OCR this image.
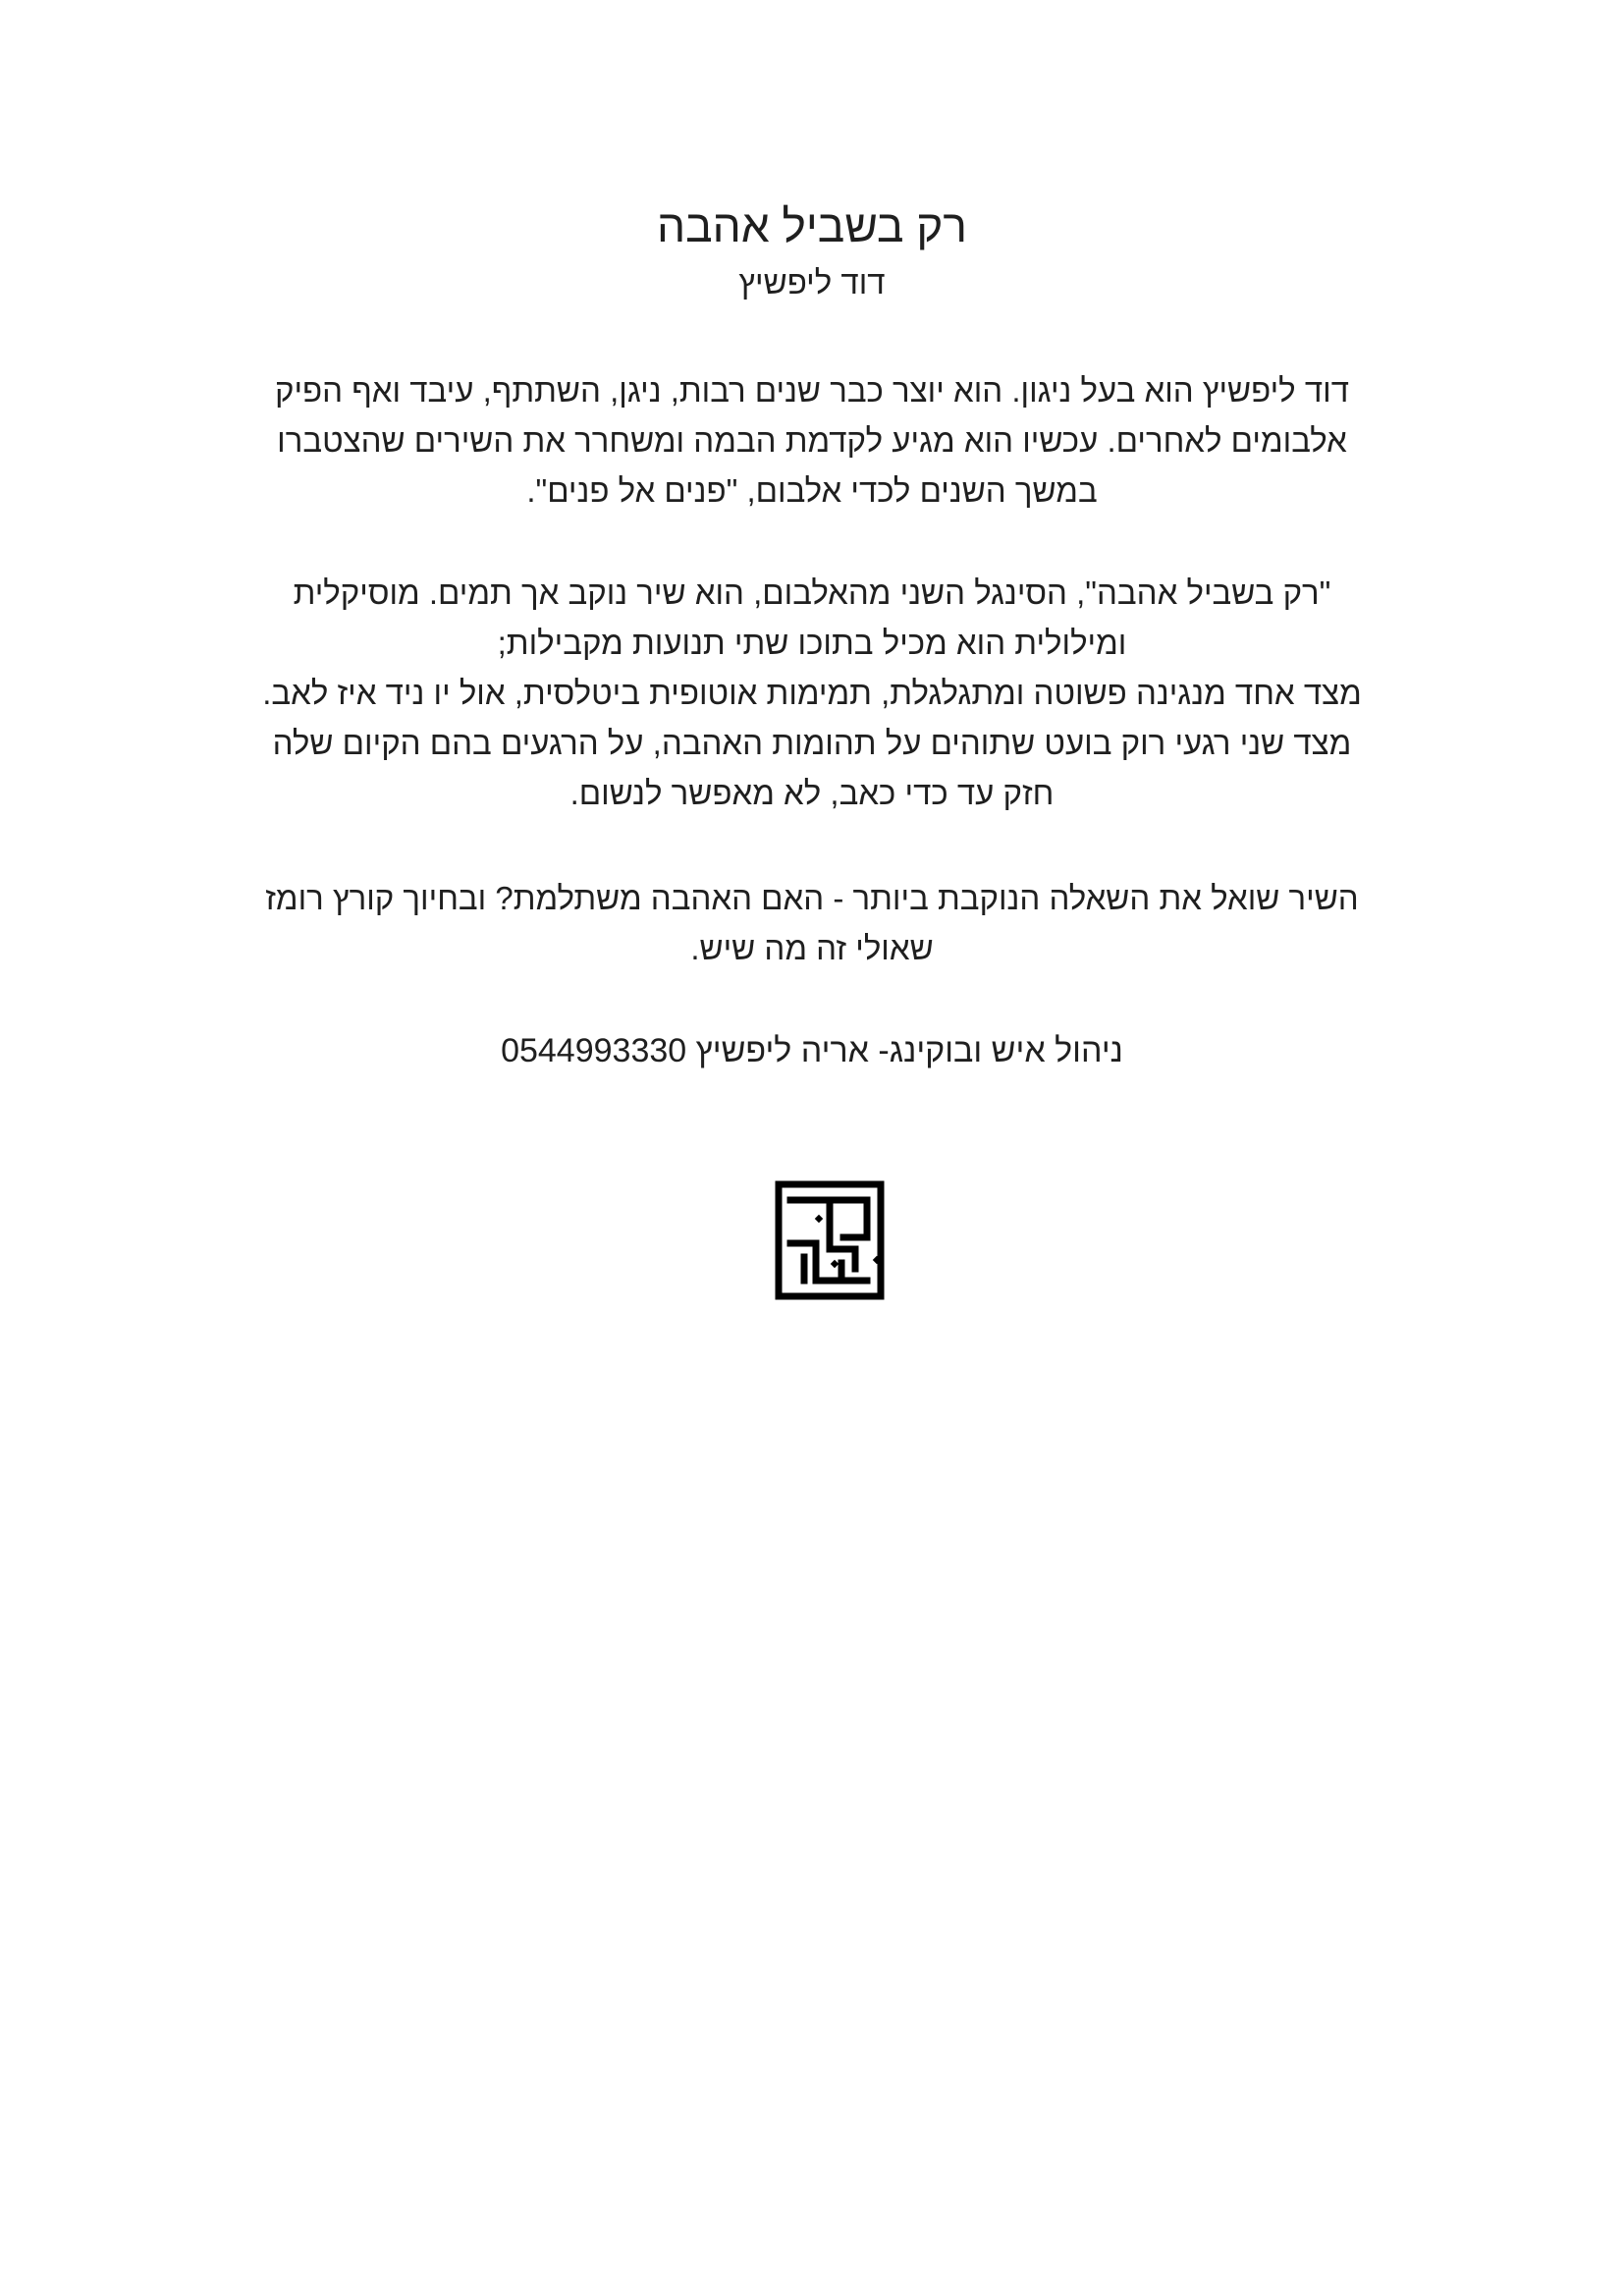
רק בשביל אהבה

דוד ליפשיץ

דוד ליפשיץ הוא בעל ניגון. הוא יוצר כבר שנים רבות, ניגן, השתתף, עיבד ואף הפיק
אלבומים לאחרים. עכשיו הוא מגיע לקדמת הבמה ומשחרר את השירים שהצטברו
במשך השנים לכדי אלבום, "פנים אל פנים".

"רק בשביל אהבה", הסינגל השני מהאלבום, הוא שיר נוקב אך תמים. מוסיקלית
ומילולית הוא מכיל בתוכו שתי תנועות מקבילות;
מצד אחד מנגינה פשוטה ומתגלגלת, תמימות אוטופית ביטלסית, אול יו ניד איז לאב.
מצד שני רגעי רוק בועט שתוהים על תהומות האהבה, על הרגעים בהם הקיום שלה
חזק עד כדי כאב, לא מאפשר לנשום.

השיר שואל את השאלה הנוקבת ביותר - האם האהבה משתלמת? ובחיוך קורץ רומז
שאולי זה מה שיש.

ניהול איש ובוקינג- אריה ליפשיץ 0544993330
